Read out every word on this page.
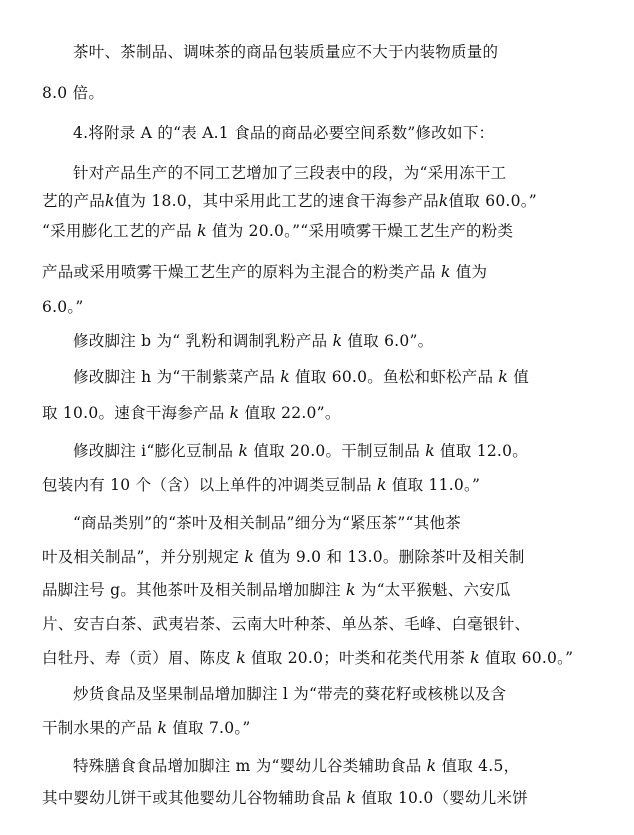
茶叶、茶制品、调味茶的商品包装质量应不大于内装物质量的
8.0 倍。
4.将附录 A 的“表 A.1 食品的商品必要空间系数”修改如下：
针对产品生产的不同工艺增加了三段表中的段，为“采用冻干工
艺的产品k值为 18.0，其中采用此工艺的速食干海参产品k值取 60.0。”
“采用膨化工艺的产品 k 值为 20.0。”“采用喷雾干燥工艺生产的粉类
产品或采用喷雾干燥工艺生产的原料为主混合的粉类产品 k 值为
6.0。”
修改脚注 b 为“ 乳粉和调制乳粉产品 k 值取 6.0”。
修改脚注 h 为“干制紫菜产品 k 值取 60.0。鱼松和虾松产品 k 值
取 10.0。速食干海参产品 k 值取 22.0”。
修改脚注 i“膨化豆制品 k 值取 20.0。干制豆制品 k 值取 12.0。
包装内有 10 个（含）以上单件的冲调类豆制品 k 值取 11.0。”
“商品类别”的“茶叶及相关制品”细分为“紧压茶”“其他茶
叶及相关制品”，并分别规定 k 值为 9.0 和 13.0。删除茶叶及相关制
品脚注号 g。其他茶叶及相关制品增加脚注 k 为“太平猴魁、六安瓜
片、安吉白茶、武夷岩茶、云南大叶种茶、单丛茶、毛峰、白毫银针、
白牡丹、寿（贡）眉、陈皮 k 值取 20.0；叶类和花类代用茶 k 值取 60.0。”
炒货食品及坚果制品增加脚注 l 为“带壳的葵花籽或核桃以及含
干制水果的产品 k 值取 7.0。”
特殊膳食食品增加脚注 m 为“婴幼儿谷类辅助食品 k 值取 4.5，
其中婴幼儿饼干或其他婴幼儿谷物辅助食品 k 值取 10.0（婴幼儿米饼
